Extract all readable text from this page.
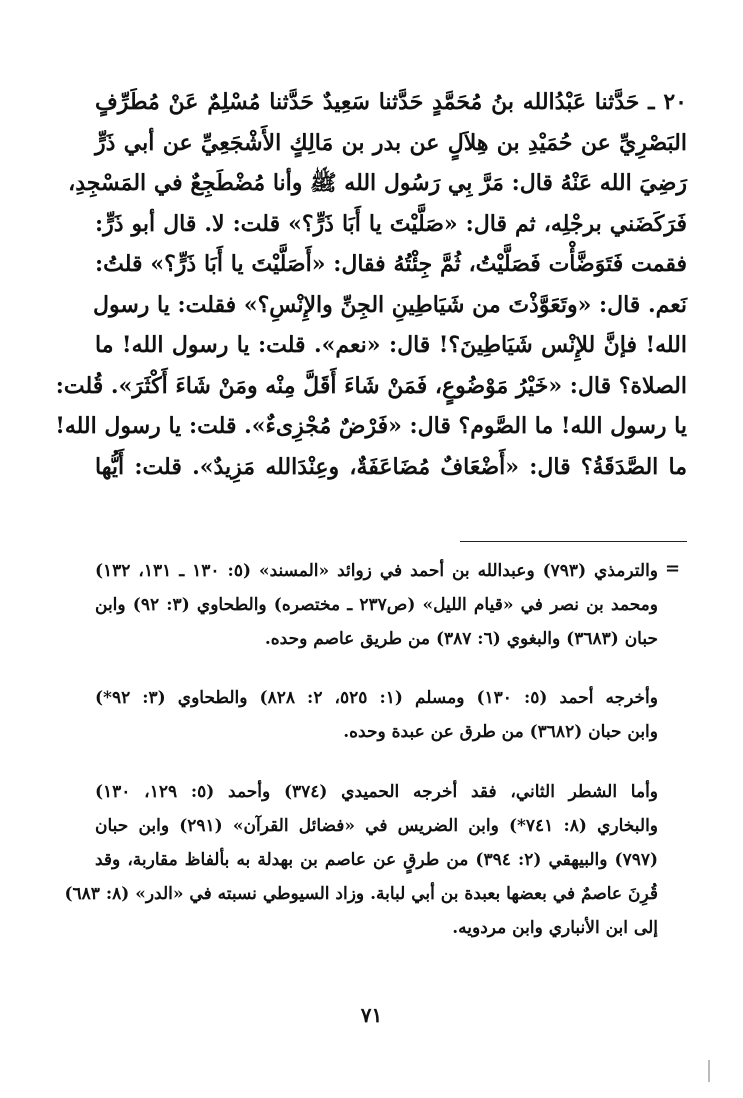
٢٠ ـ حَدَّثنا عَبْدُالله بنُ مُحَمَّدٍ حَدَّثنا سَعِيدٌ حَدَّثنا مُسْلِمٌ عَنْ مُطَرِّفٍ
البَصْرِيِّ عن حُمَيْدِ بن هِلاَلٍ عن بدر بن مَالِكٍ الأَشْجَعِيِّ عن أبي ذَرٍّ
رَضِيَ الله عَنْهُ قال: مَرَّ بِي رَسُول الله ﷺ وأنا مُضْطَجِعٌ في المَسْجِدِ،
فَرَكَضَني برجْلِه، ثم قال: «صَلَّيْتَ يا أَبَا ذَرٍّ؟» قلت: لا. قال أبو ذَرٍّ:
فقمت فَتَوَضَّأْت فَصَلَّيْتُ، ثُمَّ جِئْتُهُ فقال: «أَصَلَّيْتَ يا أَبَا ذَرٍّ؟» قلتُ:
نَعم. قال: «وتَعَوَّذْتَ من شَيَاطِينِ الجِنِّ والإِنْسِ؟» فقلت: يا رسول
الله! فإنَّ للإِنْس شَيَاطِينَ؟! قال: «نعم». قلت: يا رسول الله! ما
الصلاة؟ قال: «خَيْرُ مَوْضُوعٍ، فَمَنْ شَاءَ أَقَلَّ مِنْه ومَنْ شَاءَ أَكْثَرَ». قُلت:
يا رسول الله! ما الصَّوم؟ قال: «فَرْضٌ مُجْزِىءٌ». قلت: يا رسول الله!
ما الصَّدَقَةُ؟ قال: «أَضْعَافٌ مُضَاعَفَةٌ، وعِنْدَالله مَزِيدٌ». قلت: أَيُّها
=
والترمذي (٧٩٣) وعبدالله بن أحمد في زوائد «المسند» (٥: ١٣٠ ـ ١٣١، ١٣٢)
ومحمد بن نصر في «قيام الليل» (ص٢٣٧ ـ مختصره) والطحاوي (٣: ٩٢) وابن
حبان (٣٦٨٣) والبغوي (٦: ٣٨٧) من طريق عاصم وحده.
وأخرجه أحمد (٥: ١٣٠) ومسلم (١: ٥٢٥، ٢: ٨٢٨) والطحاوي (٣: ٩٢*)
وابن حبان (٣٦٨٢) من طرق عن عبدة وحده.
وأما الشطر الثاني، فقد أخرجه الحميدي (٣٧٤) وأحمد (٥: ١٢٩، ١٣٠)
والبخاري (٨: ٧٤١*) وابن الضريس في «فضائل القرآن» (٢٩١) وابن حبان
(٧٩٧) والبيهقي (٢: ٣٩٤) من طرقٍ عن عاصم بن بهدلة به بألفاظ مقاربة، وقد
قُرِنَ عاصمٌ في بعضها بعبدة بن أبي لبابة. وزاد السيوطي نسبته في «الدر» (٨: ٦٨٣)
إلى ابن الأنباري وابن مردويه.
٧١
